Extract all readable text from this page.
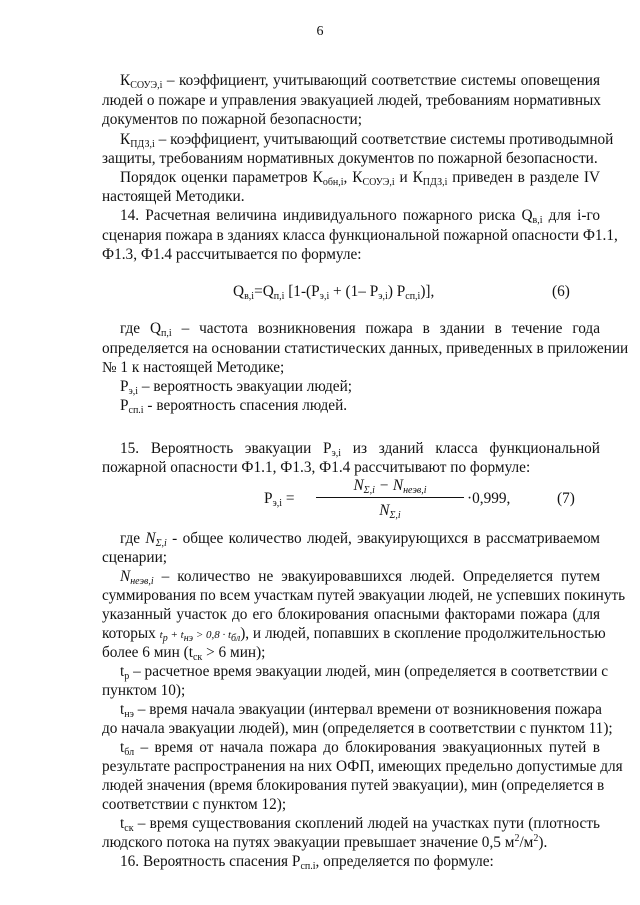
6
$К_{СОУЭ,i}$ – коэффициент, учитывающий соответствие системы оповещения
людей о пожаре и управления эвакуацией людей, требованиям нормативных
документов по пожарной безопасности;
$К_{ПДЗ,i}$ – коэффициент, учитывающий соответствие системы противодымной
защиты, требованиям нормативных документов по пожарной безопасности.
Порядок оценки параметров $К_{обн,i}$, $К_{СОУЭ,i}$ и $К_{ПДЗ,i}$ приведен в разделе IV
настоящей Методики.
14. Расчетная величина индивидуального пожарного риска $Q_{в,i}$ для i-го
сценария пожара в зданиях класса функциональной пожарной опасности Ф1.1,
Ф1.3, Ф1.4 рассчитывается по формуле:
$Q_{в,i}=Q_{п,i}$ [$1-(Р_{э,i} + (1-$ $Р_{э,i}$) $Р_{сп,i}$)],	(6)
где $Q_{п,i}$ – частота возникновения пожара в здании в течение года
определяется на основании статистических данных, приведенных в приложении
№ 1 к настоящей Методике;
$Р_{э,i}$ – вероятность эвакуации людей;
$Р_{сп.i}$ - вероятность спасения людей.
15. Вероятность эвакуации $Р_{э,i}$ из зданий класса функциональной
пожарной опасности Ф1.1, Ф1.3, Ф1.4 рассчитывают по формуле:
$Р_{э,i}$ =
$N_{\Sigma,i} - N_{неэв,i}$
$N_{\Sigma,i}$
·0,999,	(7)
где $N_{\Sigma,i}$ - общее количество людей, эвакуирующихся в рассматриваемом
сценарии;
$N_{неэв,i}$ – количество не эвакуировавшихся людей. Определяется путем
суммирования по всем участкам путей эвакуации людей, не успевших покинуть
указанный участок до его блокирования опасными факторами пожара (для
которых $t_р + t_{нэ} > 0,8 \cdot t_{бл}$), и людей, попавших в скопление продолжительностью
более 6 мин ($t_{ск} > 6$ мин);
$t_р$ – расчетное время эвакуации людей, мин (определяется в соответствии с
пунктом 10);
$t_{нэ}$ – время начала эвакуации (интервал времени от возникновения пожара
до начала эвакуации людей), мин (определяется в соответствии с пунктом 11);
$t_{бл}$ – время от начала пожара до блокирования эвакуационных путей в
результате распространения на них ОФП, имеющих предельно допустимые для
людей значения (время блокирования путей эвакуации), мин (определяется в
соответствии с пунктом 12);
$t_{ск}$ – время существования скоплений людей на участках пути (плотность
людского потока на путях эвакуации превышает значение 0,5 $м^2/м^2$).
16. Вероятность спасения $Р_{сп.i}$, определяется по формуле:
